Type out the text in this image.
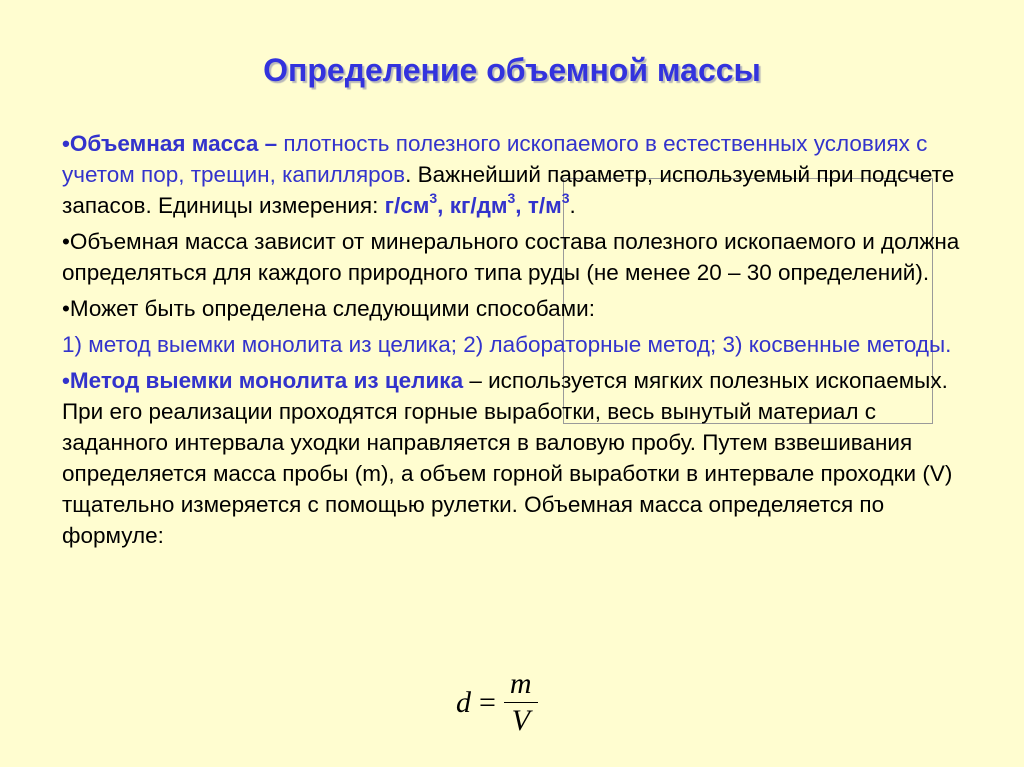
Определение объемной массы

•Объемная масса – плотность полезного ископаемого в естественных условиях с учетом пор, трещин, капилляров. Важнейший параметр, используемый при подсчете запасов. Единицы измерения: $г/см^3$, $кг/дм^3$, $т/м^3$.

•Объемная масса зависит от минерального состава полезного ископаемого и должна определяться для каждого природного типа руды (не менее 20 – 30 определений).

•Может быть определена следующими способами:

1) метод выемки монолита из целика; 2) лабораторные метод; 3) косвенные методы.

•Метод выемки монолита из целика – используется мягких полезных ископаемых. При его реализации проходятся горные выработки, весь вынутый материал с заданного интервала уходки направляется в валовую пробу. Путем взвешивания определяется масса пробы (m), а объем горной выработки в интервале проходки (V) тщательно измеряется с помощью рулетки. Объемная масса определяется по формуле:

$d = \frac{m}{V}$
